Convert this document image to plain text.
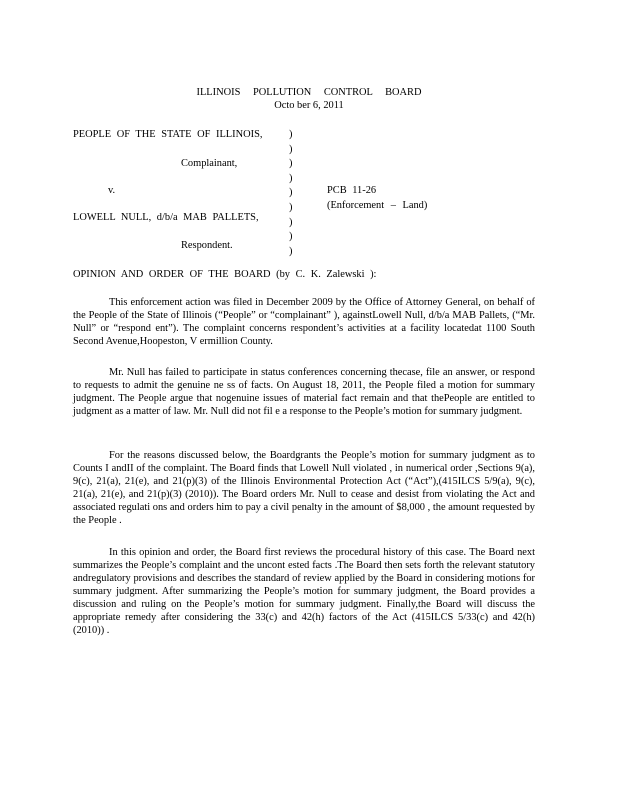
ILLINOIS POLLUTION CONTROL BOARD
Octo ber 6, 2011
PEOPLE OF THE STATE OF ILLINOIS,
Complainant,
v.
LOWELL NULL, d/b/a MAB PALLETS,
Respondent.
)
)
)
)
)
)
)
)
)
PCB 11-26
(Enforcement – Land)
OPINION AND ORDER OF THE BOARD (by C. K. Zalewski ):
This enforcement action was filed in December 2009 by the Office of Attorney General, on behalf of the People of the State of Illinois (“People” or “complainant” ), againstLowell Null, d/b/a MAB Pallets, (“Mr. Null” or “respond ent”). The complaint concerns respondent’s activities at a facility locatedat 1100 South Second Avenue,Hoopeston, V ermillion County.
Mr. Null has failed to participate in status conferences concerning thecase, file an answer, or respond to requests to admit the genuine ne ss of facts. On August 18, 2011, the People filed a motion for summary judgment. The People argue that nogenuine issues of material fact remain and that thePeople are entitled to judgment as a matter of law. Mr. Null did not fil e a response to the People’s motion for summary judgment.
For the reasons discussed below, the Boardgrants the People’s motion for summary judgment as to Counts I andII of the complaint. The Board finds that Lowell Null violated , in numerical order ,Sections 9(a), 9(c), 21(a), 21(e), and 21(p)(3) of the Illinois Environmental Protection Act (“Act”),(415ILCS 5/9(a), 9(c), 21(a), 21(e), and 21(p)(3) (2010)). The Board orders Mr. Null to cease and desist from violating the Act and associated regulati ons and orders him to pay a civil penalty in the amount of $8,000 , the amount requested by the People .
In this opinion and order, the Board first reviews the procedural history of this case. The Board next summarizes the People’s complaint and the uncont ested facts .The Board then sets forth the relevant statutory andregulatory provisions and describes the standard of review applied by the Board in considering motions for summary judgment. After summarizing the People’s motion for summary judgment, the Board provides a discussion and ruling on the People’s motion for summary judgment. Finally,the Board will discuss the appropriate remedy after considering the 33(c) and 42(h) factors of the Act (415ILCS 5/33(c) and 42(h) (2010)) .
